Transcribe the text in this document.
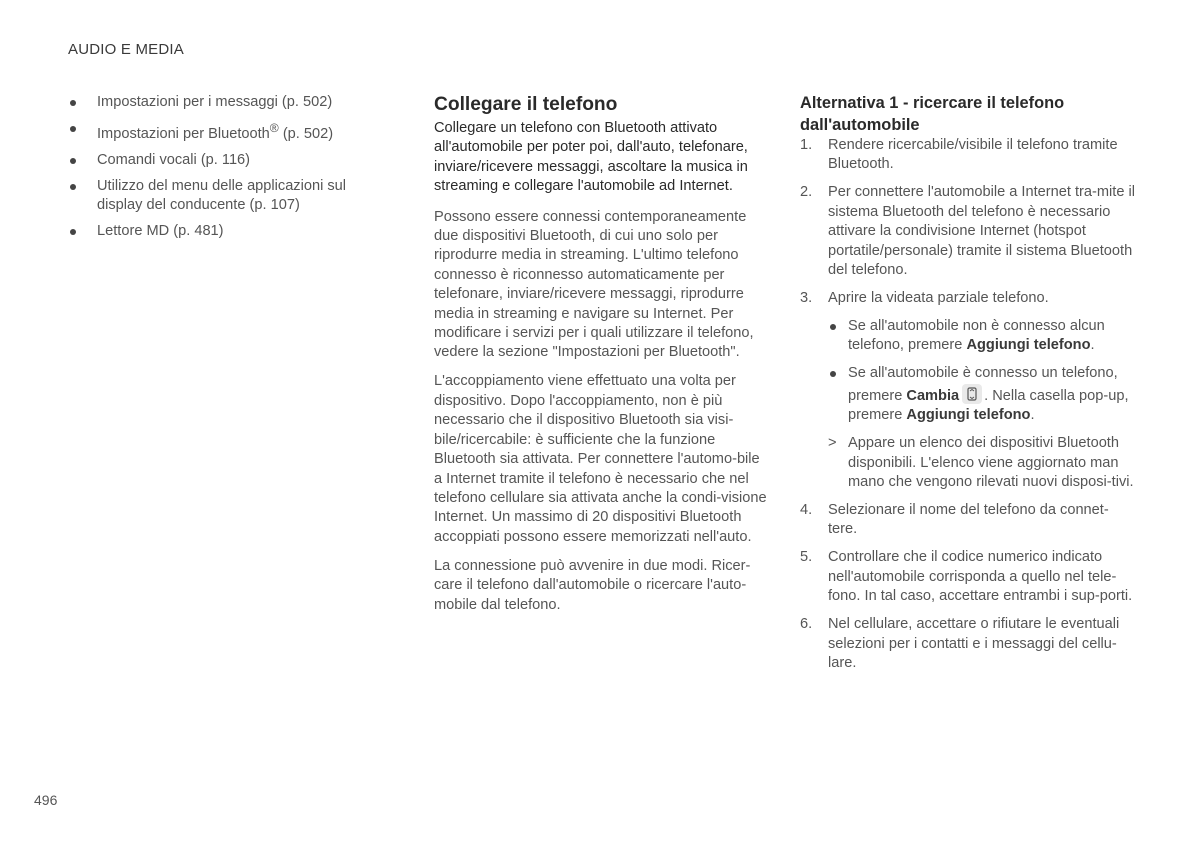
AUDIO E MEDIA
Impostazioni per i messaggi (p. 502)
Impostazioni per Bluetooth® (p. 502)
Comandi vocali (p. 116)
Utilizzo del menu delle applicazioni sul display del conducente (p. 107)
Lettore MD (p. 481)
Collegare il telefono

Collegare un telefono con Bluetooth attivato all'automobile per poter poi, dall'auto, telefonare, inviare/ricevere messaggi, ascoltare la musica in streaming e collegare l'automobile ad Internet.

Possono essere connessi contemporaneamente due dispositivi Bluetooth, di cui uno solo per riprodurre media in streaming. L'ultimo telefono connesso è riconnesso automaticamente per telefonare, inviare/ricevere messaggi, riprodurre media in streaming e navigare su Internet. Per modificare i servizi per i quali utilizzare il telefono, vedere la sezione "Impostazioni per Bluetooth".

L'accoppiamento viene effettuato una volta per dispositivo. Dopo l'accoppiamento, non è più necessario che il dispositivo Bluetooth sia visi-bile/ricercabile: è sufficiente che la funzione Bluetooth sia attivata. Per connettere l'automo-bile a Internet tramite il telefono è necessario che nel telefono cellulare sia attivata anche la condi-visione Internet. Un massimo di 20 dispositivi Bluetooth accoppiati possono essere memorizzati nell'auto.

La connessione può avvenire in due modi. Ricer-care il telefono dall'automobile o ricercare l'auto-mobile dal telefono.

Alternativa 1 - ricercare il telefono dall'automobile
1. Rendere ricercabile/visibile il telefono tramite Bluetooth.
2. Per connettere l'automobile a Internet tra-mite il sistema Bluetooth del telefono è necessario attivare la condivisione Internet (hotspot portatile/personale) tramite il sistema Bluetooth del telefono.
3. Aprire la videata parziale telefono.
Se all'automobile non è connesso alcun telefono, premere Aggiungi telefono.
Se all'automobile è connesso un telefono, premere Cambia . Nella casella pop-up, premere Aggiungi telefono.
> Appare un elenco dei dispositivi Bluetooth disponibili. L'elenco viene aggiornato man mano che vengono rilevati nuovi disposi-tivi.
4. Selezionare il nome del telefono da connet-tere.
5. Controllare che il codice numerico indicato nell'automobile corrisponda a quello nel tele-fono. In tal caso, accettare entrambi i sup-porti.
6. Nel cellulare, accettare o rifiutare le eventuali selezioni per i contatti e i messaggi del cellu-lare.
496
